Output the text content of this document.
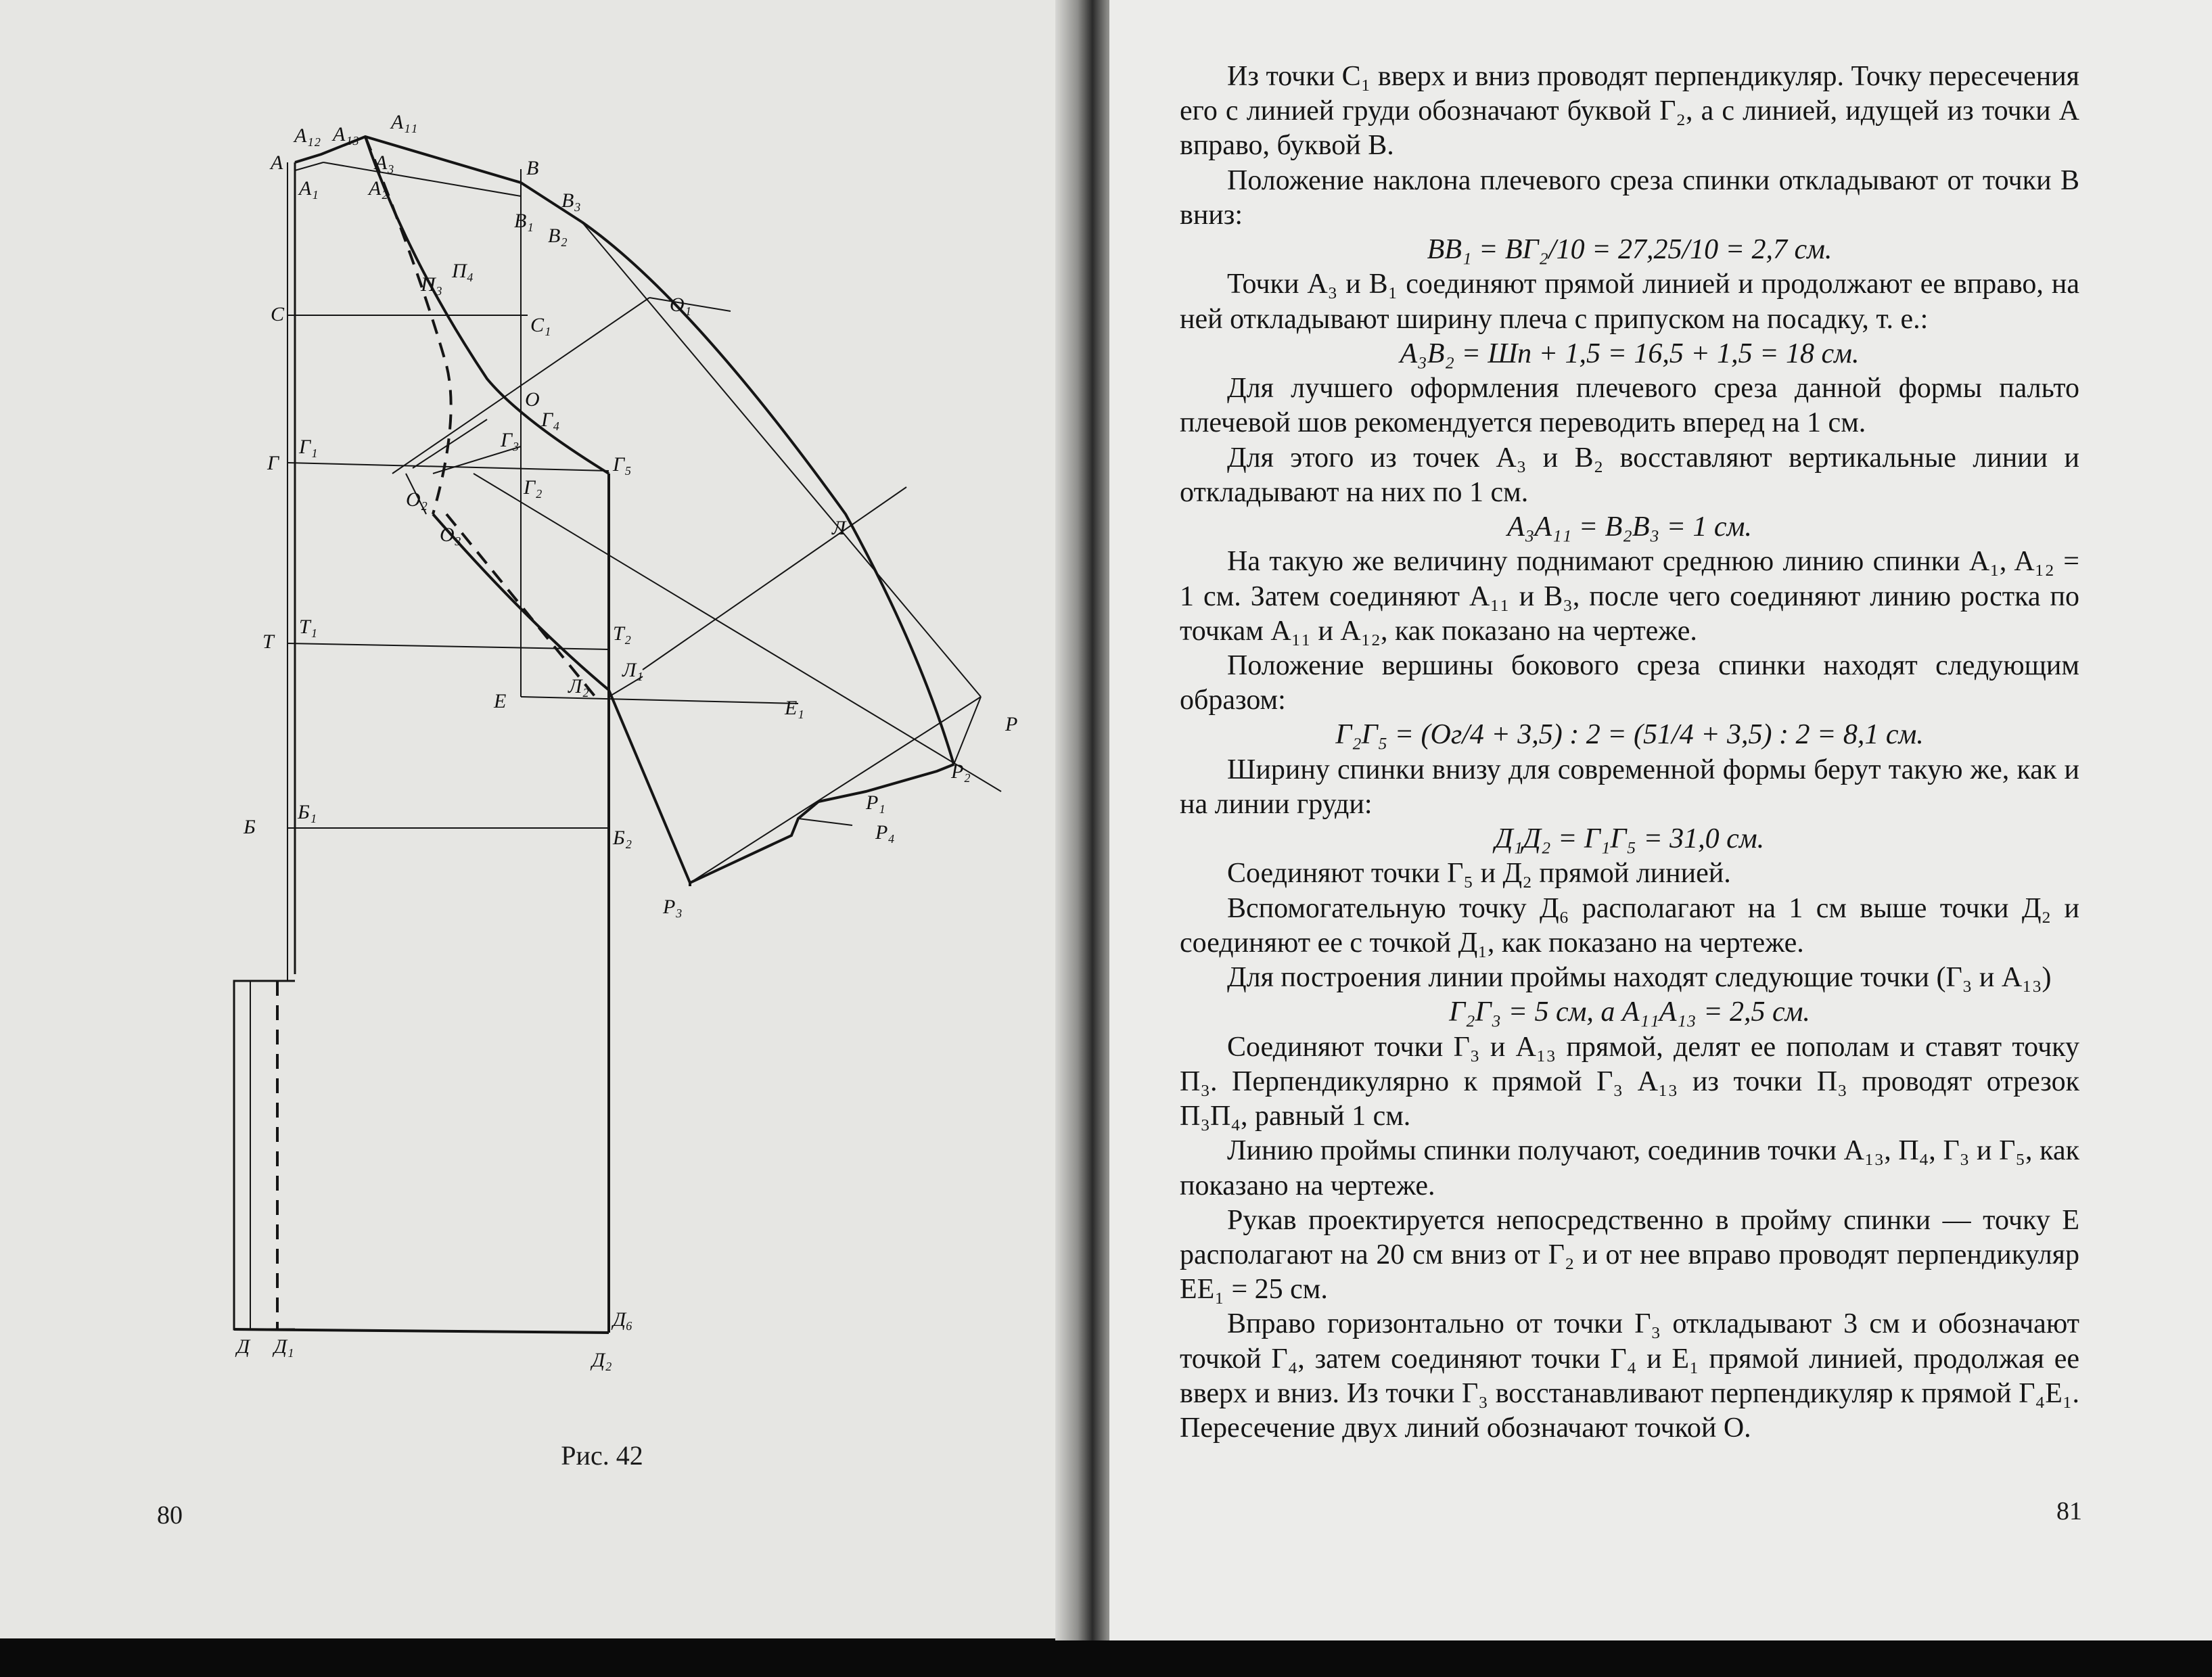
A
A₁ A₂
A₃
A₁₁
A₁₂ A₁₃
B
B₁
B₂
B₃
C	C₁
Г
Г₁
Г₂
Г₃
Г₄
Г₅
Т
Т₁	Т₂
E	E₁
Л
Л₁
Л₂
Б
Б₁
Б₂
Д Д₁
Д₂
Д₆
O
O₁
O₂
O₃
П₃
П₄
P
P₁
P₂
P₃
P₄
Рис. 42
80

Из точки C₁ вверх и вниз проводят перпендикуляр. Точку пересечения его с линией груди обозначают буквой Г₂, а с линией, идущей из точки A вправо, буквой B.

Положение наклона плечевого среза спинки откладывают от точки B вниз:

BB₁ = BГ₂/10 = 27,25/10 = 2,7 см.

Точки A₃ и B₁ соединяют прямой линией и продолжают ее вправо, на ней откладывают ширину плеча с припуском на посадку, т. е.:

A₃B₂ = Шп + 1,5 = 16,5 + 1,5 = 18 см.

Для лучшего оформления плечевого среза данной формы пальто плечевой шов рекомендуется переводить вперед на 1 см.

Для этого из точек A₃ и B₂ восставляют вертикальные линии и откладывают на них по 1 см.

A₃A₁₁ = B₂B₃ = 1 см.

На такую же величину поднимают среднюю линию спинки A₁, A₁₂ = 1 см. Затем соединяют A₁₁ и B₃, после чего соединяют линию ростка по точкам A₁₁ и A₁₂, как показано на чертеже.

Положение вершины бокового среза спинки находят следующим образом:

Г₂Г₅ = (Oг/4 + 3,5) : 2 = (51/4 + 3,5) : 2 = 8,1 см.

Ширину спинки внизу для современной формы берут такую же, как и на линии груди:

Д₁Д₂ = Г₁Г₅ = 31,0 см.

Соединяют точки Г₅ и Д₂ прямой линией.

Вспомогательную точку Д₆ располагают на 1 см выше точки Д₂ и соединяют ее с точкой Д₁, как показано на чертеже.

Для построения линии проймы находят следующие точки (Г₃ и A₁₃)

Г₂Г₃ = 5 см, а A₁₁A₁₃ = 2,5 см.

Соединяют точки Г₃ и A₁₃ прямой, делят ее пополам и ставят точку П₃. Перпендикулярно к прямой Г₃ A₁₃ из точки П₃ проводят отрезок П₃П₄, равный 1 см.

Линию проймы спинки получают, соединив точки A₁₃, П₄, Г₃ и Г₅, как показано на чертеже.

Рукав проектируется непосредственно в пройму спинки — точку E располагают на 20 см вниз от Г₂ и от нее вправо проводят перпендикуляр EE₁ = 25 см.

Вправо горизонтально от точки Г₃ откладывают 3 см и обозначают точкой Г₄, затем соединяют точки Г₄ и E₁ прямой линией, продолжая ее вверх и вниз. Из точки Г₃ восстанавливают перпендикуляр к прямой Г₄E₁. Пересечение двух линий обозначают точкой O.

81
